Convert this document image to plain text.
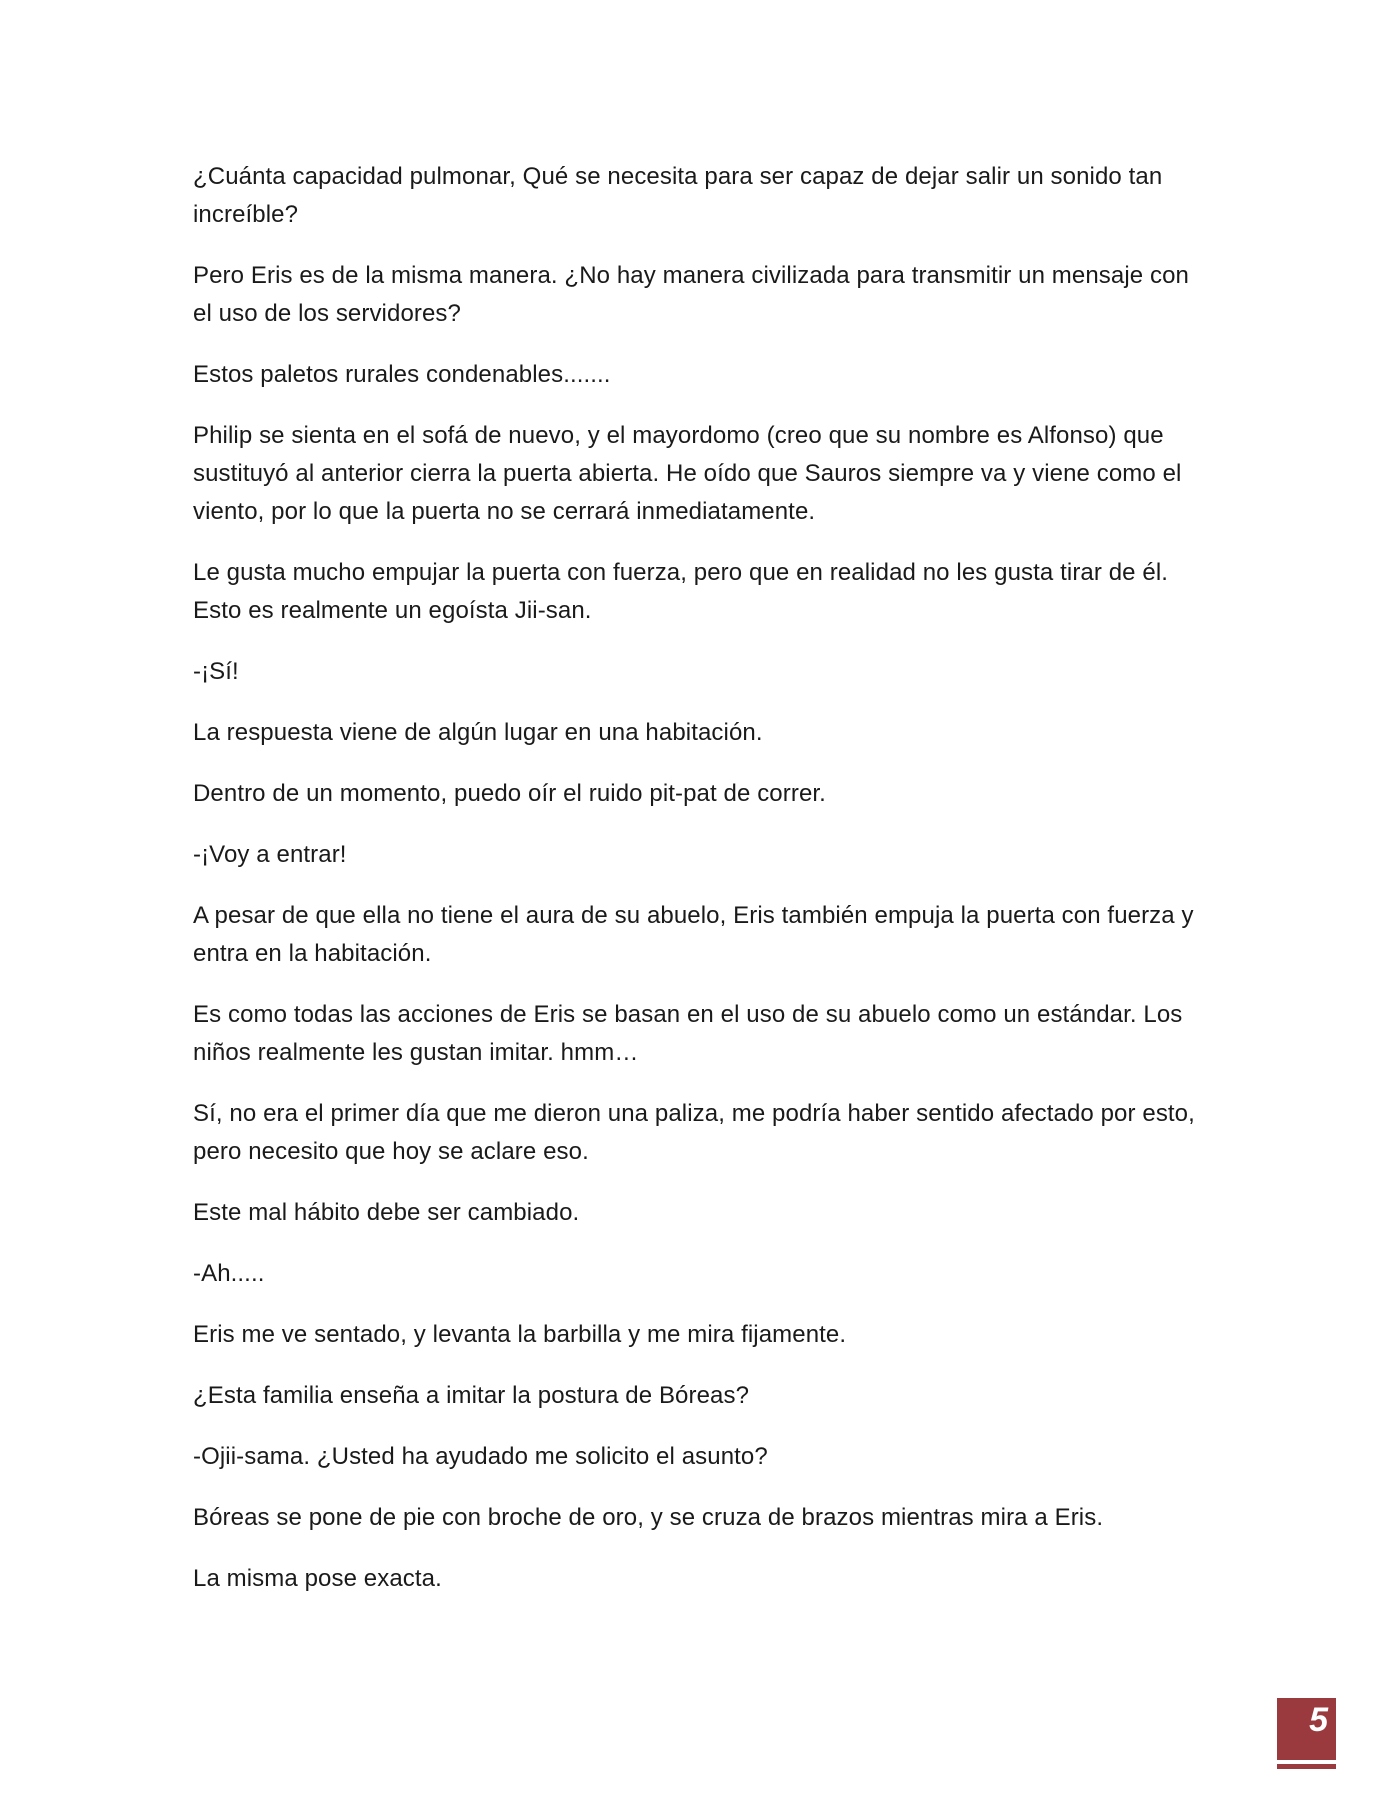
¿Cuánta capacidad pulmonar, Qué se necesita para ser capaz de dejar salir un sonido tan increíble?

Pero Eris es de la misma manera. ¿No hay manera civilizada para transmitir un mensaje con el uso de los servidores?

Estos paletos rurales condenables.......

Philip se sienta en el sofá de nuevo, y el mayordomo (creo que su nombre es Alfonso) que sustituyó al anterior cierra la puerta abierta. He oído que Sauros siempre va y viene como el viento, por lo que la puerta no se cerrará inmediatamente.

Le gusta mucho empujar la puerta con fuerza, pero que en realidad no les gusta tirar de él. Esto es realmente un egoísta Jii-san.

-¡Sí!

La respuesta viene de algún lugar en una habitación.

Dentro de un momento, puedo oír el ruido pit-pat de correr.

-¡Voy a entrar!

A pesar de que ella no tiene el aura de su abuelo, Eris también empuja la puerta con fuerza y entra en la habitación.

Es como todas las acciones de Eris se basan en el uso de su abuelo como un estándar. Los niños realmente les gustan imitar. hmm…

Sí, no era el primer día que me dieron una paliza, me podría haber sentido afectado por esto, pero necesito que hoy se aclare eso.

Este mal hábito debe ser cambiado.

-Ah.....

Eris me ve sentado, y levanta la barbilla y me mira fijamente.

¿Esta familia enseña a imitar la postura de Bóreas?

-Ojii-sama. ¿Usted ha ayudado me solicito el asunto?

Bóreas se pone de pie con broche de oro, y se cruza de brazos mientras mira a Eris.

La misma pose exacta.

5
